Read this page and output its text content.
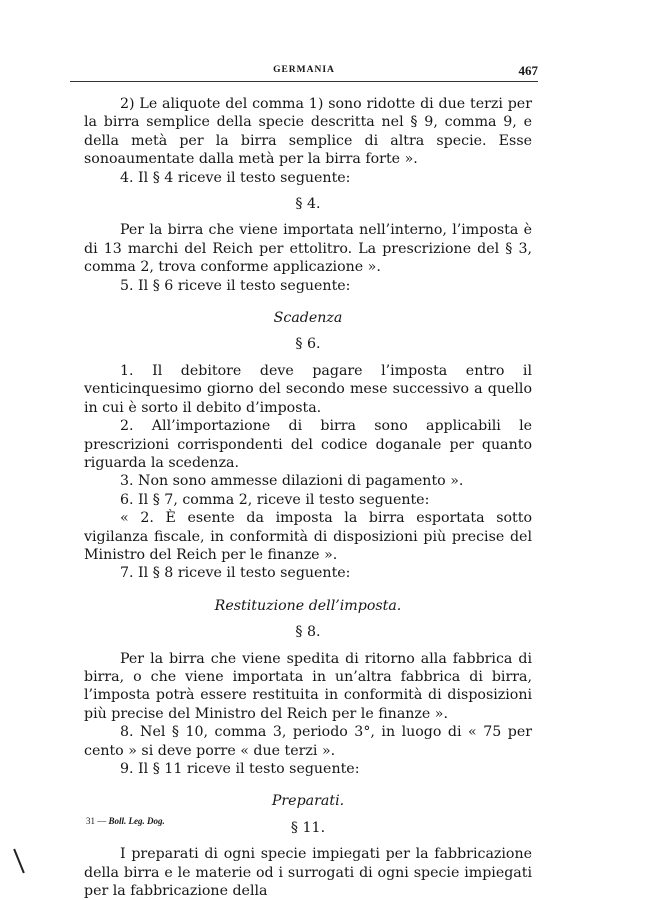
GERMANIA	467

2) Le aliquote del comma 1) sono ridotte di due terzi per la birra semplice della specie descritta nel § 9, comma 9, e della metà per la birra semplice di altra specie. Esse sonoaumentate dalla metà per la birra forte ».

4. Il § 4 riceve il testo seguente:

§ 4.

Per la birra che viene importata nell’interno, l’imposta è di 13 marchi del Reich per ettolitro. La prescrizione del § 3, comma 2, trova conforme applicazione ».

5. Il § 6 riceve il testo seguente:

Scadenza

§ 6.

1. Il debitore deve pagare l’imposta entro il venticinquesimo giorno del secondo mese successivo a quello in cui è sorto il debito d’imposta.

2. All’importazione di birra sono applicabili le prescrizioni corrispondenti del codice doganale per quanto riguarda la scedenza.

3. Non sono ammesse dilazioni di pagamento ».

6. Il § 7, comma 2, riceve il testo seguente:

« 2. È esente da imposta la birra esportata sotto vigilanza fiscale, in conformità di disposizioni più precise del Ministro del Reich per le finanze ».

7. Il § 8 riceve il testo seguente:

Restituzione dell’imposta.

§ 8.

Per la birra che viene spedita di ritorno alla fabbrica di birra, o che viene importata in un’altra fabbrica di birra, l’imposta potrà essere restituita in conformità di disposizioni più precise del Ministro del Reich per le finanze ».

8. Nel § 10, comma 3, periodo 3°, in luogo di « 75 per cento » si deve porre « due terzi ».

9. Il § 11 riceve il testo seguente:

Preparati.

§ 11.

I preparati di ogni specie impiegati per la fabbricazione della birra e le materie od i surrogati di ogni specie impiegati per la fabbricazione della

31 — Boll. Leg. Dog.
